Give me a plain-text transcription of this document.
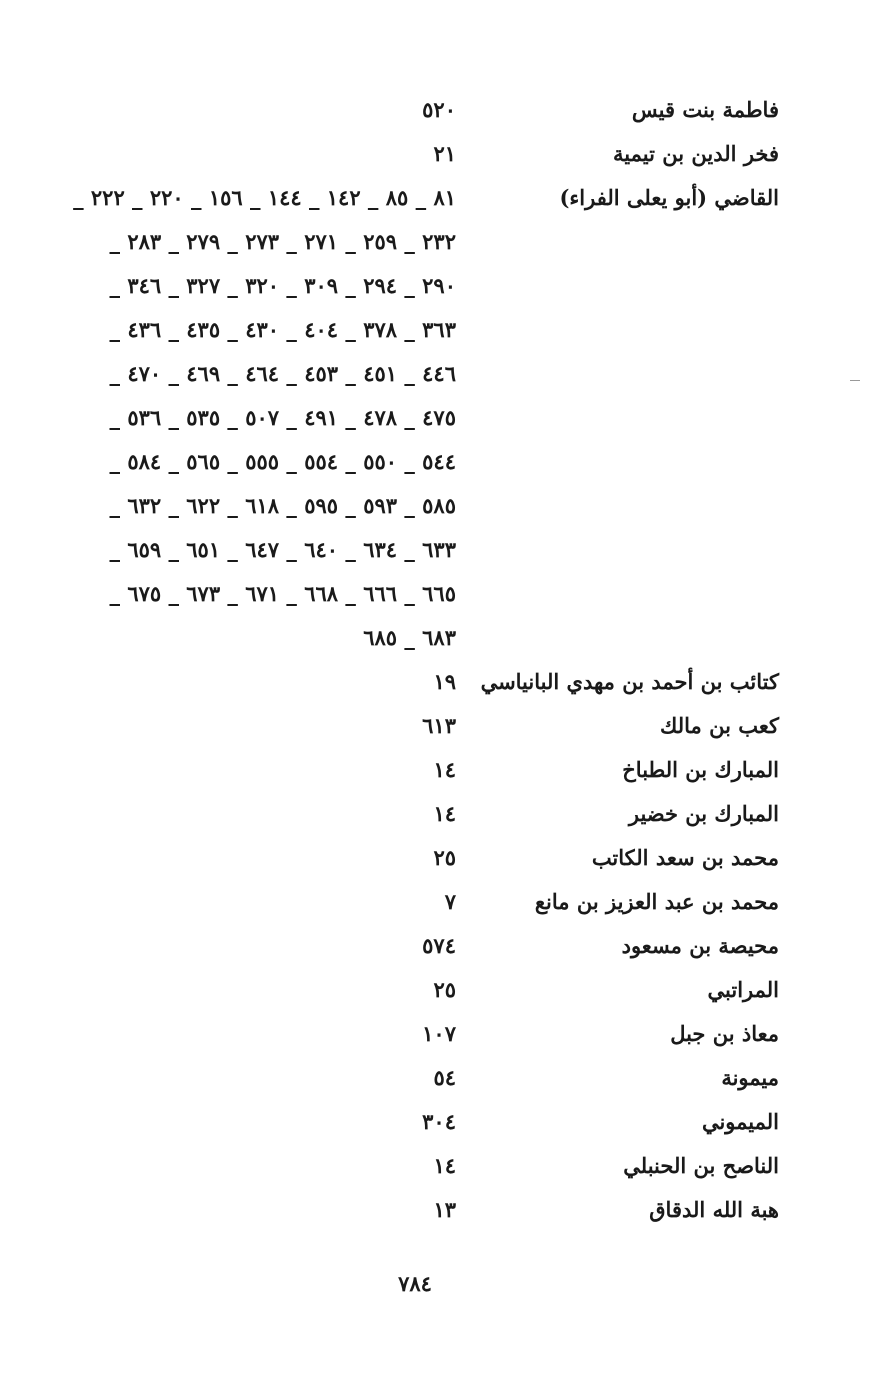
فاطمة بنت قيس
٥٢٠
فخر الدين بن تيمية
٢١
القاضي (أبو يعلى الفراء)
٨١ _ ٨٥ _ ١٤٢ _ ١٤٤ _ ١٥٦ _ ٢٢٠ _ ٢٢٢ _
٢٣٢ _ ٢٥٩ _ ٢٧١ _ ٢٧٣ _ ٢٧٩ _ ٢٨٣ _
٢٩٠ _ ٢٩٤ _ ٣٠٩ _ ٣٢٠ _ ٣٢٧ _ ٣٤٦ _
٣٦٣ _ ٣٧٨ _ ٤٠٤ _ ٤٣٠ _ ٤٣٥ _ ٤٣٦ _
٤٤٦ _ ٤٥١ _ ٤٥٣ _ ٤٦٤ _ ٤٦٩ _ ٤٧٠ _
٤٧٥ _ ٤٧٨ _ ٤٩١ _ ٥٠٧ _ ٥٣٥ _ ٥٣٦ _
٥٤٤ _ ٥٥٠ _ ٥٥٤ _ ٥٥٥ _ ٥٦٥ _ ٥٨٤ _
٥٨٥ _ ٥٩٣ _ ٥٩٥ _ ٦١٨ _ ٦٢٢ _ ٦٣٢ _
٦٣٣ _ ٦٣٤ _ ٦٤٠ _ ٦٤٧ _ ٦٥١ _ ٦٥٩ _
٦٦٥ _ ٦٦٦ _ ٦٦٨ _ ٦٧١ _ ٦٧٣ _ ٦٧٥ _
٦٨٣ _ ٦٨٥
كتائب بن أحمد بن مهدي البانياسي
١٩
كعب بن مالك
٦١٣
المبارك بن الطباخ
١٤
المبارك بن خضير
١٤
محمد بن سعد الكاتب
٢٥
محمد بن عبد العزيز بن مانع
٧
محيصة بن مسعود
٥٧٤
المراتبي
٢٥
معاذ بن جبل
١٠٧
ميمونة
٥٤
الميموني
٣٠٤
الناصح بن الحنبلي
١٤
هبة الله الدقاق
١٣
٧٨٤
